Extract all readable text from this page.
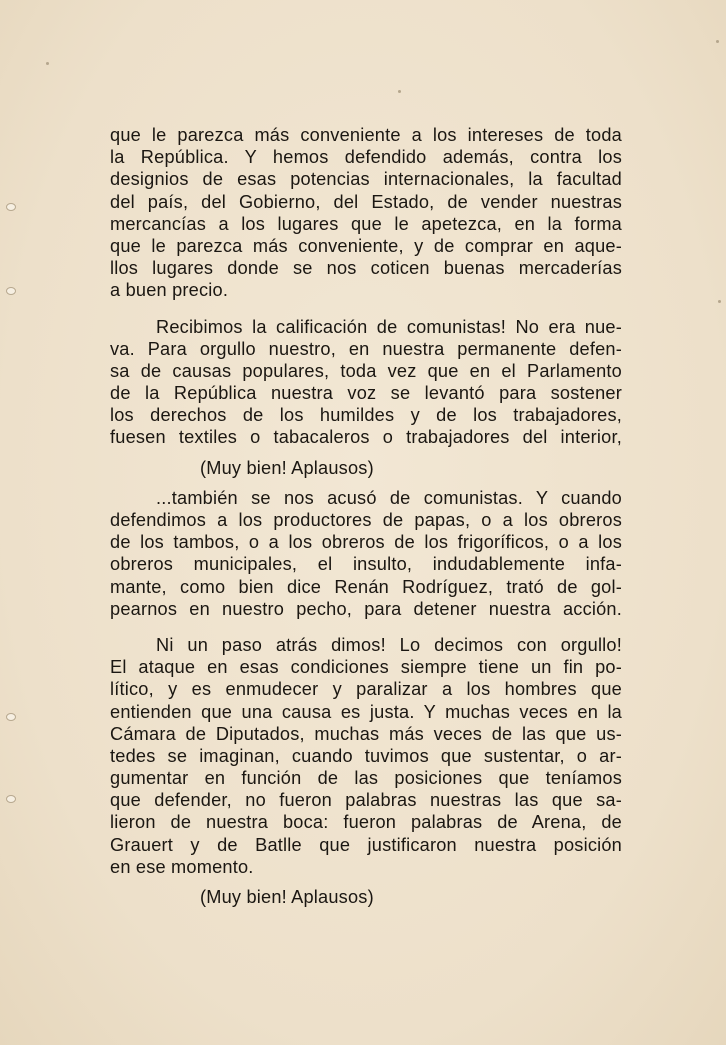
que le parezca más conveniente a los intereses de toda
la República. Y hemos defendido además, contra los
designios de esas potencias internacionales, la facultad
del país, del Gobierno, del Estado, de vender nuestras
mercancías a los lugares que le apetezca, en la forma
que le parezca más conveniente, y de comprar en aque-
llos lugares donde se nos coticen buenas mercaderías
a buen precio.
Recibimos la calificación de comunistas! No era nue-
va. Para orgullo nuestro, en nuestra permanente defen-
sa de causas populares, toda vez que en el Parlamento
de la República nuestra voz se levantó para sostener
los derechos de los humildes y de los trabajadores,
fuesen textiles o tabacaleros o trabajadores del interior,
(Muy bien! Aplausos)
...también se nos acusó de comunistas. Y cuando
defendimos a los productores de papas, o a los obreros
de los tambos, o a los obreros de los frigoríficos, o a los
obreros municipales, el insulto, indudablemente infa-
mante, como bien dice Renán Rodríguez, trató de gol-
pearnos en nuestro pecho, para detener nuestra acción.
Ni un paso atrás dimos! Lo decimos con orgullo!
El ataque en esas condiciones siempre tiene un fin po-
lítico, y es enmudecer y paralizar a los hombres que
entienden que una causa es justa. Y muchas veces en la
Cámara de Diputados, muchas más veces de las que us-
tedes se imaginan, cuando tuvimos que sustentar, o ar-
gumentar en función de las posiciones que teníamos
que defender, no fueron palabras nuestras las que sa-
lieron de nuestra boca: fueron palabras de Arena, de
Grauert y de Batlle que justificaron nuestra posición
en ese momento.
(Muy bien! Aplausos)
